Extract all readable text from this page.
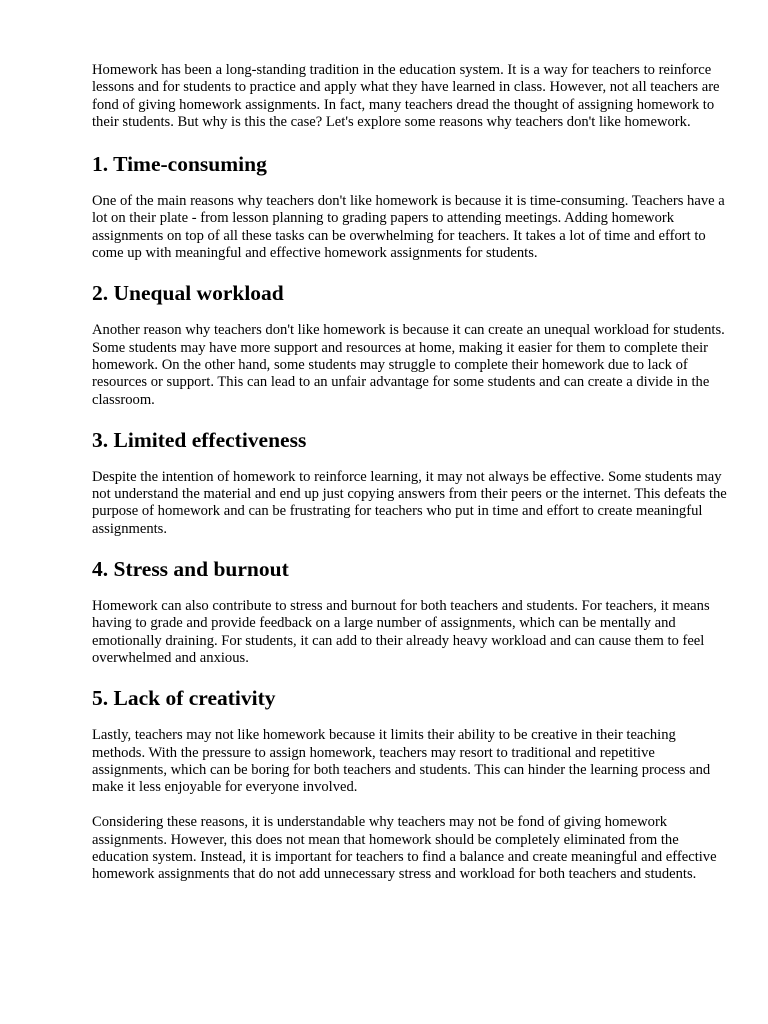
Homework has been a long-standing tradition in the education system. It is a way for teachers to reinforce lessons and for students to practice and apply what they have learned in class. However, not all teachers are fond of giving homework assignments. In fact, many teachers dread the thought of assigning homework to their students. But why is this the case? Let's explore some reasons why teachers don't like homework.

1. Time-consuming

One of the main reasons why teachers don't like homework is because it is time-consuming. Teachers have a lot on their plate - from lesson planning to grading papers to attending meetings. Adding homework assignments on top of all these tasks can be overwhelming for teachers. It takes a lot of time and effort to come up with meaningful and effective homework assignments for students.

2. Unequal workload

Another reason why teachers don't like homework is because it can create an unequal workload for students. Some students may have more support and resources at home, making it easier for them to complete their homework. On the other hand, some students may struggle to complete their homework due to lack of resources or support. This can lead to an unfair advantage for some students and can create a divide in the classroom.

3. Limited effectiveness

Despite the intention of homework to reinforce learning, it may not always be effective. Some students may not understand the material and end up just copying answers from their peers or the internet. This defeats the purpose of homework and can be frustrating for teachers who put in time and effort to create meaningful assignments.

4. Stress and burnout

Homework can also contribute to stress and burnout for both teachers and students. For teachers, it means having to grade and provide feedback on a large number of assignments, which can be mentally and emotionally draining. For students, it can add to their already heavy workload and can cause them to feel overwhelmed and anxious.

5. Lack of creativity

Lastly, teachers may not like homework because it limits their ability to be creative in their teaching methods. With the pressure to assign homework, teachers may resort to traditional and repetitive assignments, which can be boring for both teachers and students. This can hinder the learning process and make it less enjoyable for everyone involved.

Considering these reasons, it is understandable why teachers may not be fond of giving homework assignments. However, this does not mean that homework should be completely eliminated from the education system. Instead, it is important for teachers to find a balance and create meaningful and effective homework assignments that do not add unnecessary stress and workload for both teachers and students.
